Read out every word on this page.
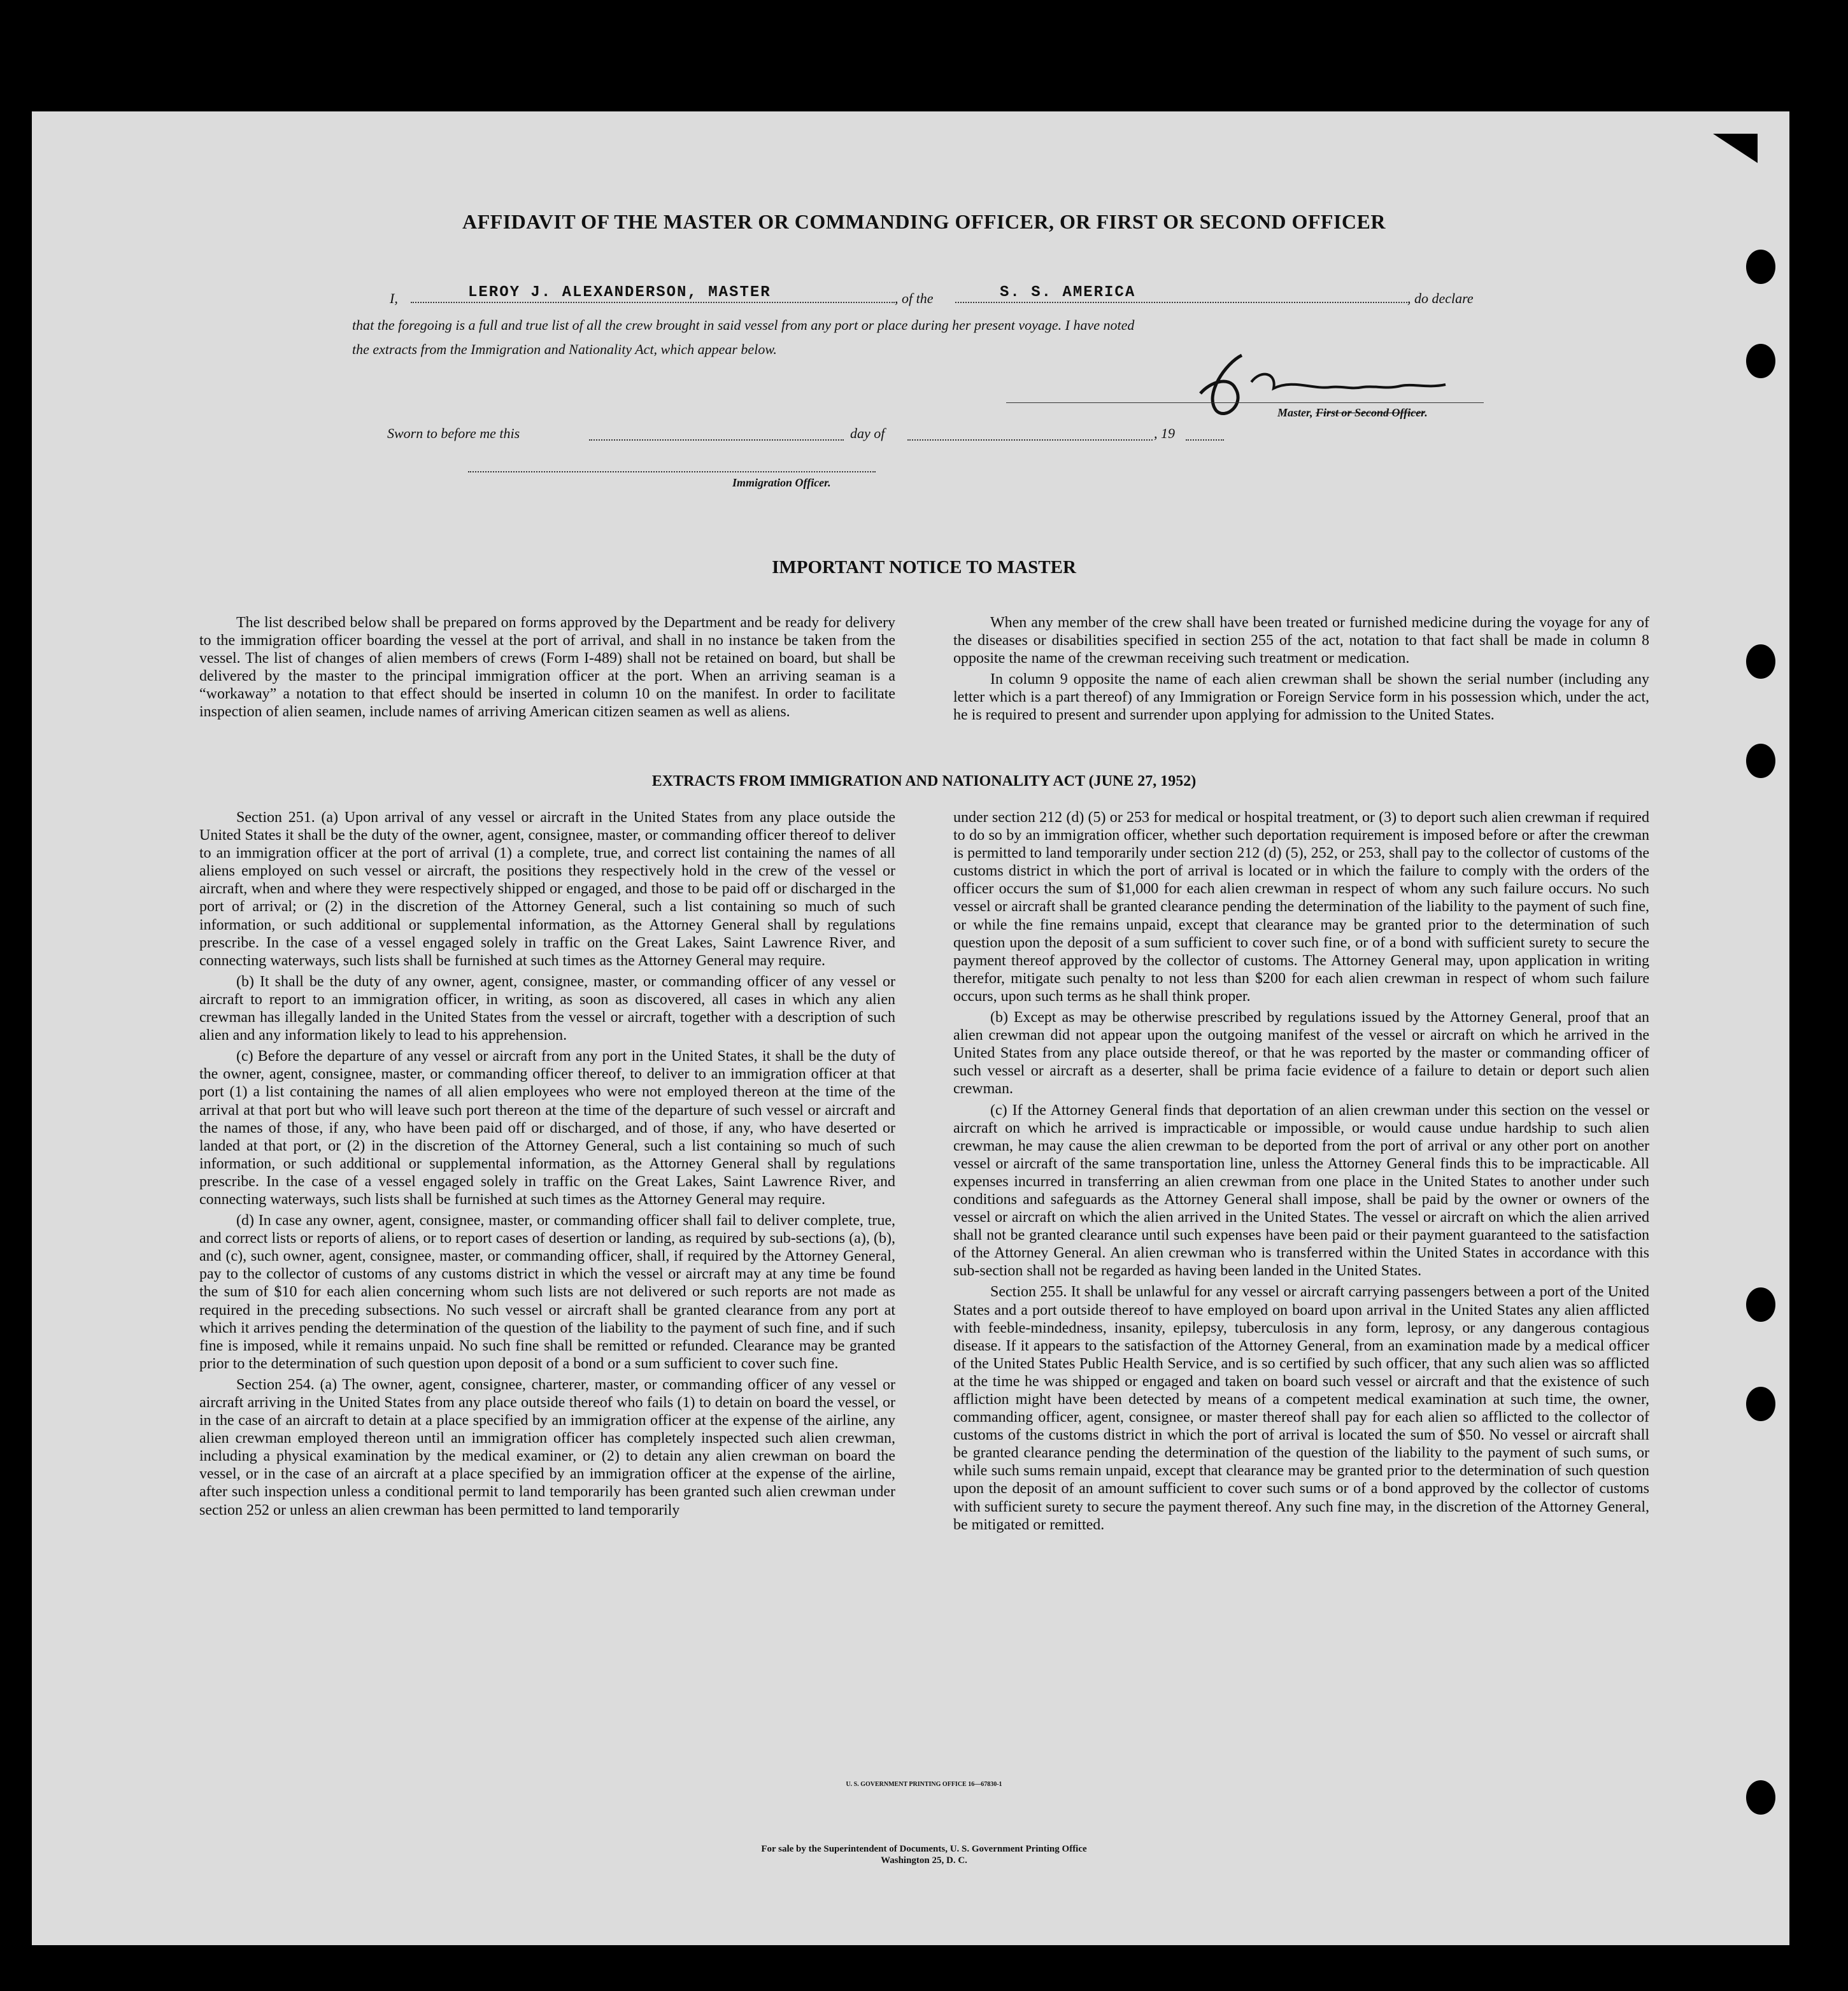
AFFIDAVIT OF THE MASTER OR COMMANDING OFFICER, OR FIRST OR SECOND OFFICER
I,	LEROY J. ALEXANDERSON, MASTER	, of the	S. S. AMERICA	, do declare
that the foregoing is a full and true list of all the crew brought in said vessel from any port or place during her present voyage. I have noted
the extracts from the Immigration and Nationality Act, which appear below.
Master, First or Second Officer.
Sworn to before me this	day of	, 19
Immigration Officer.
IMPORTANT NOTICE TO MASTER

The list described below shall be prepared on forms approved by the Department and be ready for delivery to the immigration officer boarding the vessel at the port of arrival, and shall in no instance be taken from the vessel. The list of changes of alien members of crews (Form I-489) shall not be retained on board, but shall be delivered by the master to the principal immigration officer at the port. When an arriving seaman is a “workaway” a notation to that effect should be inserted in column 10 on the manifest. In order to facilitate inspection of alien seamen, include names of arriving American citizen seamen as well as aliens.

When any member of the crew shall have been treated or furnished medicine during the voyage for any of the diseases or disabilities specified in section 255 of the act, notation to that fact shall be made in column 8 opposite the name of the crewman receiving such treatment or medication.

In column 9 opposite the name of each alien crewman shall be shown the serial number (including any letter which is a part thereof) of any Immigration or Foreign Service form in his possession which, under the act, he is required to present and surrender upon applying for admission to the United States.

EXTRACTS FROM IMMIGRATION AND NATIONALITY ACT (JUNE 27, 1952)

Section 251. (a) Upon arrival of any vessel or aircraft in the United States from any place outside the United States it shall be the duty of the owner, agent, consignee, master, or commanding officer thereof to deliver to an immigration officer at the port of arrival (1) a complete, true, and correct list containing the names of all aliens employed on such vessel or aircraft, the positions they respectively hold in the crew of the vessel or aircraft, when and where they were respectively shipped or engaged, and those to be paid off or discharged in the port of arrival; or (2) in the discretion of the Attorney General, such a list containing so much of such information, or such additional or supplemental information, as the Attorney General shall by regulations prescribe. In the case of a vessel engaged solely in traffic on the Great Lakes, Saint Lawrence River, and connecting waterways, such lists shall be furnished at such times as the Attorney General may require.

(b) It shall be the duty of any owner, agent, consignee, master, or commanding officer of any vessel or aircraft to report to an immigration officer, in writing, as soon as discovered, all cases in which any alien crewman has illegally landed in the United States from the vessel or aircraft, together with a description of such alien and any information likely to lead to his apprehension.

(c) Before the departure of any vessel or aircraft from any port in the United States, it shall be the duty of the owner, agent, consignee, master, or commanding officer thereof, to deliver to an immigration officer at that port (1) a list containing the names of all alien employees who were not employed thereon at the time of the arrival at that port but who will leave such port thereon at the time of the departure of such vessel or aircraft and the names of those, if any, who have been paid off or discharged, and of those, if any, who have deserted or landed at that port, or (2) in the discretion of the Attorney General, such a list containing so much of such information, or such additional or supplemental information, as the Attorney General shall by regulations prescribe. In the case of a vessel engaged solely in traffic on the Great Lakes, Saint Lawrence River, and connecting waterways, such lists shall be furnished at such times as the Attorney General may require.

(d) In case any owner, agent, consignee, master, or commanding officer shall fail to deliver complete, true, and correct lists or reports of aliens, or to report cases of desertion or landing, as required by sub-sections (a), (b), and (c), such owner, agent, consignee, master, or commanding officer, shall, if required by the Attorney General, pay to the collector of customs of any customs district in which the vessel or aircraft may at any time be found the sum of $10 for each alien concerning whom such lists are not delivered or such reports are not made as required in the preceding subsections. No such vessel or aircraft shall be granted clearance from any port at which it arrives pending the determination of the question of the liability to the payment of such fine, and if such fine is imposed, while it remains unpaid. No such fine shall be remitted or refunded. Clearance may be granted prior to the determination of such question upon deposit of a bond or a sum sufficient to cover such fine.

Section 254. (a) The owner, agent, consignee, charterer, master, or commanding officer of any vessel or aircraft arriving in the United States from any place outside thereof who fails (1) to detain on board the vessel, or in the case of an aircraft to detain at a place specified by an immigration officer at the expense of the airline, any alien crewman employed thereon until an immigration officer has completely inspected such alien crewman, including a physical examination by the medical examiner, or (2) to detain any alien crewman on board the vessel, or in the case of an aircraft at a place specified by an immigration officer at the expense of the airline, after such inspection unless a conditional permit to land temporarily has been granted such alien crewman under section 252 or unless an alien crewman has been permitted to land temporarily

under section 212 (d) (5) or 253 for medical or hospital treatment, or (3) to deport such alien crewman if required to do so by an immigration officer, whether such deportation requirement is imposed before or after the crewman is permitted to land temporarily under section 212 (d) (5), 252, or 253, shall pay to the collector of customs of the customs district in which the port of arrival is located or in which the failure to comply with the orders of the officer occurs the sum of $1,000 for each alien crewman in respect of whom any such failure occurs. No such vessel or aircraft shall be granted clearance pending the determination of the liability to the payment of such fine, or while the fine remains unpaid, except that clearance may be granted prior to the determination of such question upon the deposit of a sum sufficient to cover such fine, or of a bond with sufficient surety to secure the payment thereof approved by the collector of customs. The Attorney General may, upon application in writing therefor, mitigate such penalty to not less than $200 for each alien crewman in respect of whom such failure occurs, upon such terms as he shall think proper.

(b) Except as may be otherwise prescribed by regulations issued by the Attorney General, proof that an alien crewman did not appear upon the outgoing manifest of the vessel or aircraft on which he arrived in the United States from any place outside thereof, or that he was reported by the master or commanding officer of such vessel or aircraft as a deserter, shall be prima facie evidence of a failure to detain or deport such alien crewman.

(c) If the Attorney General finds that deportation of an alien crewman under this section on the vessel or aircraft on which he arrived is impracticable or impossible, or would cause undue hardship to such alien crewman, he may cause the alien crewman to be deported from the port of arrival or any other port on another vessel or aircraft of the same transportation line, unless the Attorney General finds this to be impracticable. All expenses incurred in transferring an alien crewman from one place in the United States to another under such conditions and safeguards as the Attorney General shall impose, shall be paid by the owner or owners of the vessel or aircraft on which the alien arrived in the United States. The vessel or aircraft on which the alien arrived shall not be granted clearance until such expenses have been paid or their payment guaranteed to the satisfaction of the Attorney General. An alien crewman who is transferred within the United States in accordance with this sub-section shall not be regarded as having been landed in the United States.

Section 255. It shall be unlawful for any vessel or aircraft carrying passengers between a port of the United States and a port outside thereof to have employed on board upon arrival in the United States any alien afflicted with feeble-mindedness, insanity, epilepsy, tuberculosis in any form, leprosy, or any dangerous contagious disease. If it appears to the satisfaction of the Attorney General, from an examination made by a medical officer of the United States Public Health Service, and is so certified by such officer, that any such alien was so afflicted at the time he was shipped or engaged and taken on board such vessel or aircraft and that the existence of such affliction might have been detected by means of a competent medical examination at such time, the owner, commanding officer, agent, consignee, or master thereof shall pay for each alien so afflicted to the collector of customs of the customs district in which the port of arrival is located the sum of $50. No vessel or aircraft shall be granted clearance pending the determination of the question of the liability to the payment of such sums, or while such sums remain unpaid, except that clearance may be granted prior to the determination of such question upon the deposit of an amount sufficient to cover such sums or of a bond approved by the collector of customs with sufficient surety to secure the payment thereof. Any such fine may, in the discretion of the Attorney General, be mitigated or remitted.

U. S. GOVERNMENT PRINTING OFFICE 16—67830-1
For sale by the Superintendent of Documents, U. S. Government Printing Office
Washington 25, D. C.
